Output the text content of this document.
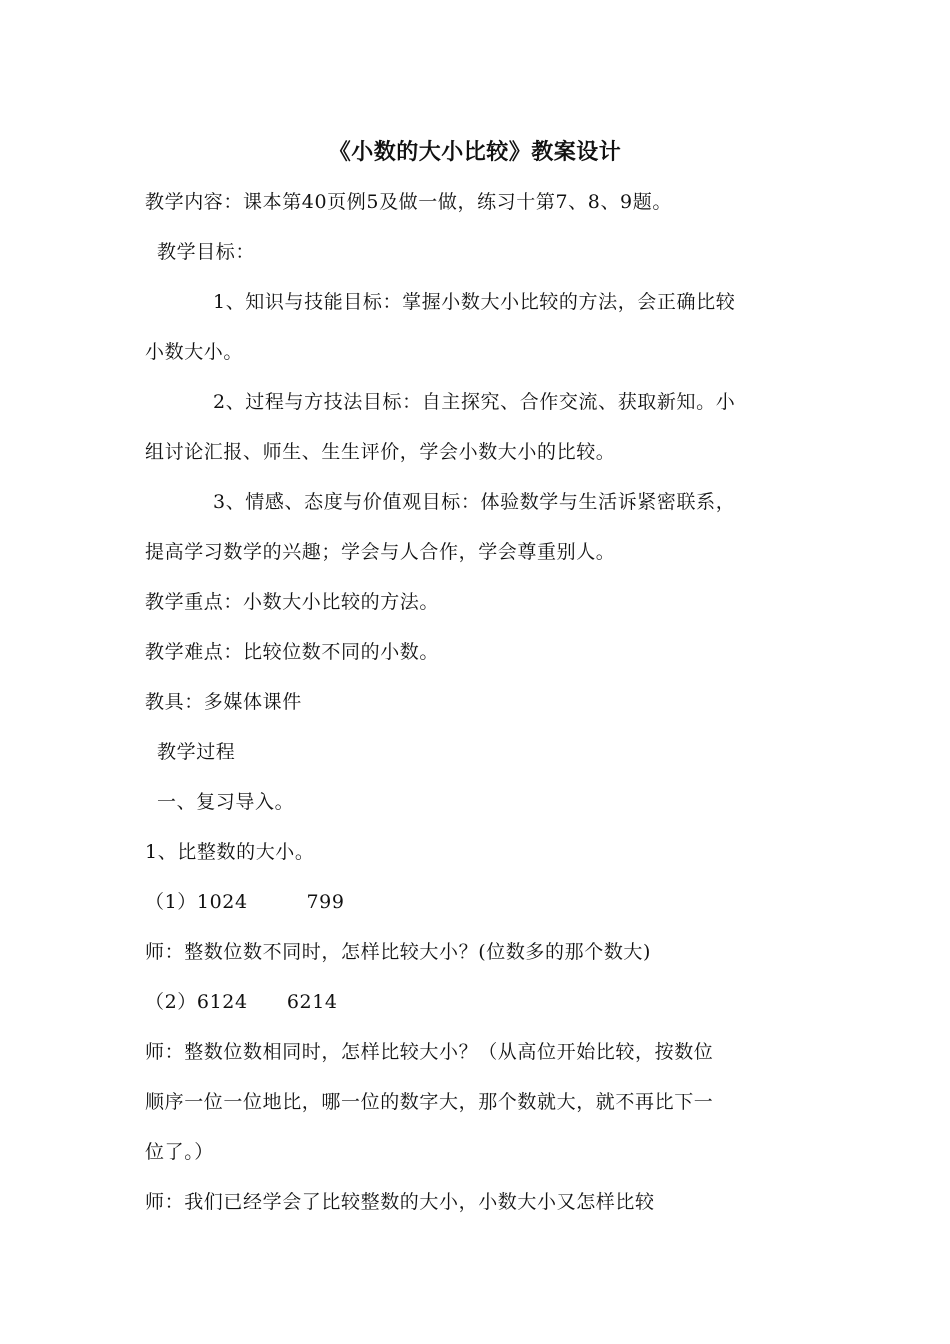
《小数的大小比较》教案设计
教学内容：课本第40页例5及做一做，练习十第7、8、9题。
教学目标：
1、知识与技能目标：掌握小数大小比较的方法，会正确比较
小数大小。
2、过程与方技法目标：自主探究、合作交流、获取新知。小
组讨论汇报、师生、生生评价，学会小数大小的比较。
3、情感、态度与价值观目标：体验数学与生活诉紧密联系，
提高学习数学的兴趣；学会与人合作，学会尊重别人。
教学重点：小数大小比较的方法。
教学难点：比较位数不同的小数。
教具：多媒体课件
教学过程
一、复习导入。
1、比整数的大小。
（1）1024　　　799
师：整数位数不同时，怎样比较大小？(位数多的那个数大)
（2）6124　　6214
师：整数位数相同时，怎样比较大小？（从高位开始比较，按数位
顺序一位一位地比，哪一位的数字大，那个数就大，就不再比下一
位了。）
师：我们已经学会了比较整数的大小，小数大小又怎样比较
